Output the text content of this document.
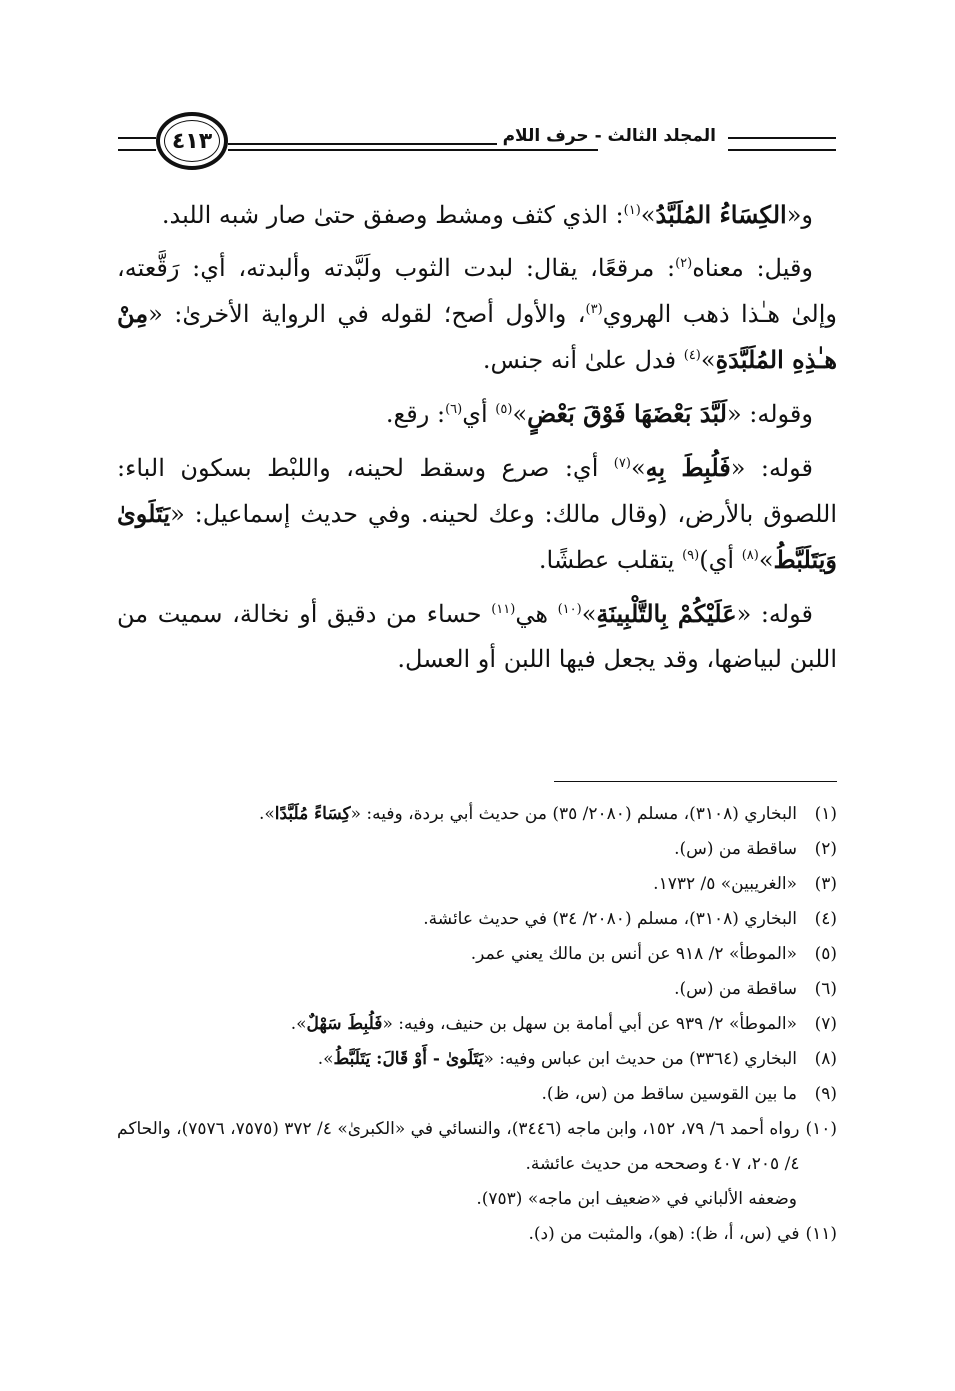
المجلد الثالث - حرف اللام
٤١٣

و«الكِسَاءُ المُلَبَّدُ»$^{(١)}$: الذي كثف ومشط وصفق حتىٰ صار شبه اللبد.

وقيل: معناه$^{(٢)}$: مرقعًا، يقال: لبدت الثوب ولَبَّدته وألبدته، أي: رَقَّعته، وإلىٰ هـٰذا ذهب الهروي$^{(٣)}$، والأول أصح؛ لقوله في الرواية الأخرىٰ: «مِنْ هـٰذِهِ المُلَبَّدَةِ»$^{(٤)}$ فدل علىٰ أنه جنس.

وقوله: «لَبَّدَ بَعْضَهَا فَوْقَ بَعْضٍ»$^{(٥)}$ أي$^{(٦)}$: رقع.

قوله: «فَلُبِطَ بِهِ»$^{(٧)}$ أي: صرع وسقط لحينه، واللبْط بسكون الباء: اللصوق بالأرض، (وقال مالك: وعك لحينه. وفي حديث إسماعيل: «يَتَلَوىٰ وَيَتَلَبَّطُ»$^{(٨)}$ أي)$^{(٩)}$ يتقلب عطشًا.

قوله: «عَلَيْكُمْ بِالتَّلْبِينَةِ»$^{(١٠)}$ هي$^{(١١)}$ حساء من دقيق أو نخالة، سميت من اللبن لبياضها، وقد يجعل فيها اللبن أو العسل.

(١)
البخاري (٣١٠٨)، مسلم (٢٠٨٠/ ٣٥) من حديث أبي بردة، وفيه: «كِسَاءً مُلَبَّدًا».
(٢)
ساقطة من (س).
(٣)
«الغريبين» ٥/ ١٧٣٢.
(٤)
البخاري (٣١٠٨)، مسلم (٢٠٨٠/ ٣٤) في حديث عائشة.
(٥)
«الموطأ» ٢/ ٩١٨ عن أنس بن مالك يعني عمر.
(٦)
ساقطة من (س).
(٧)
«الموطأ» ٢/ ٩٣٩ عن أبي أمامة بن سهل بن حنيف، وفيه: «فَلُبِطَ سَهْلٌ».
(٨)
البخاري (٣٣٦٤) من حديث ابن عباس وفيه: «يَتَلَوىٰ - أَوْ قَالَ: يَتَلَبَّطُ».
(٩)
ما بين القوسين ساقط من (س، ظ).
(١٠)
رواه أحمد ٦/ ٧٩، ١٥٢، وابن ماجه (٣٤٤٦)، والنسائي في «الكبرىٰ» ٤/ ٣٧٢ (٧٥٧٥، ٧٥٧٦)، والحاكم ٤/ ٢٠٥، ٤٠٧ وصححه من حديث عائشة.
وضعفه الألباني في «ضعيف ابن ماجه» (٧٥٣).
(١١)
في (س، أ، ظ): (هو)، والمثبت من (د).
